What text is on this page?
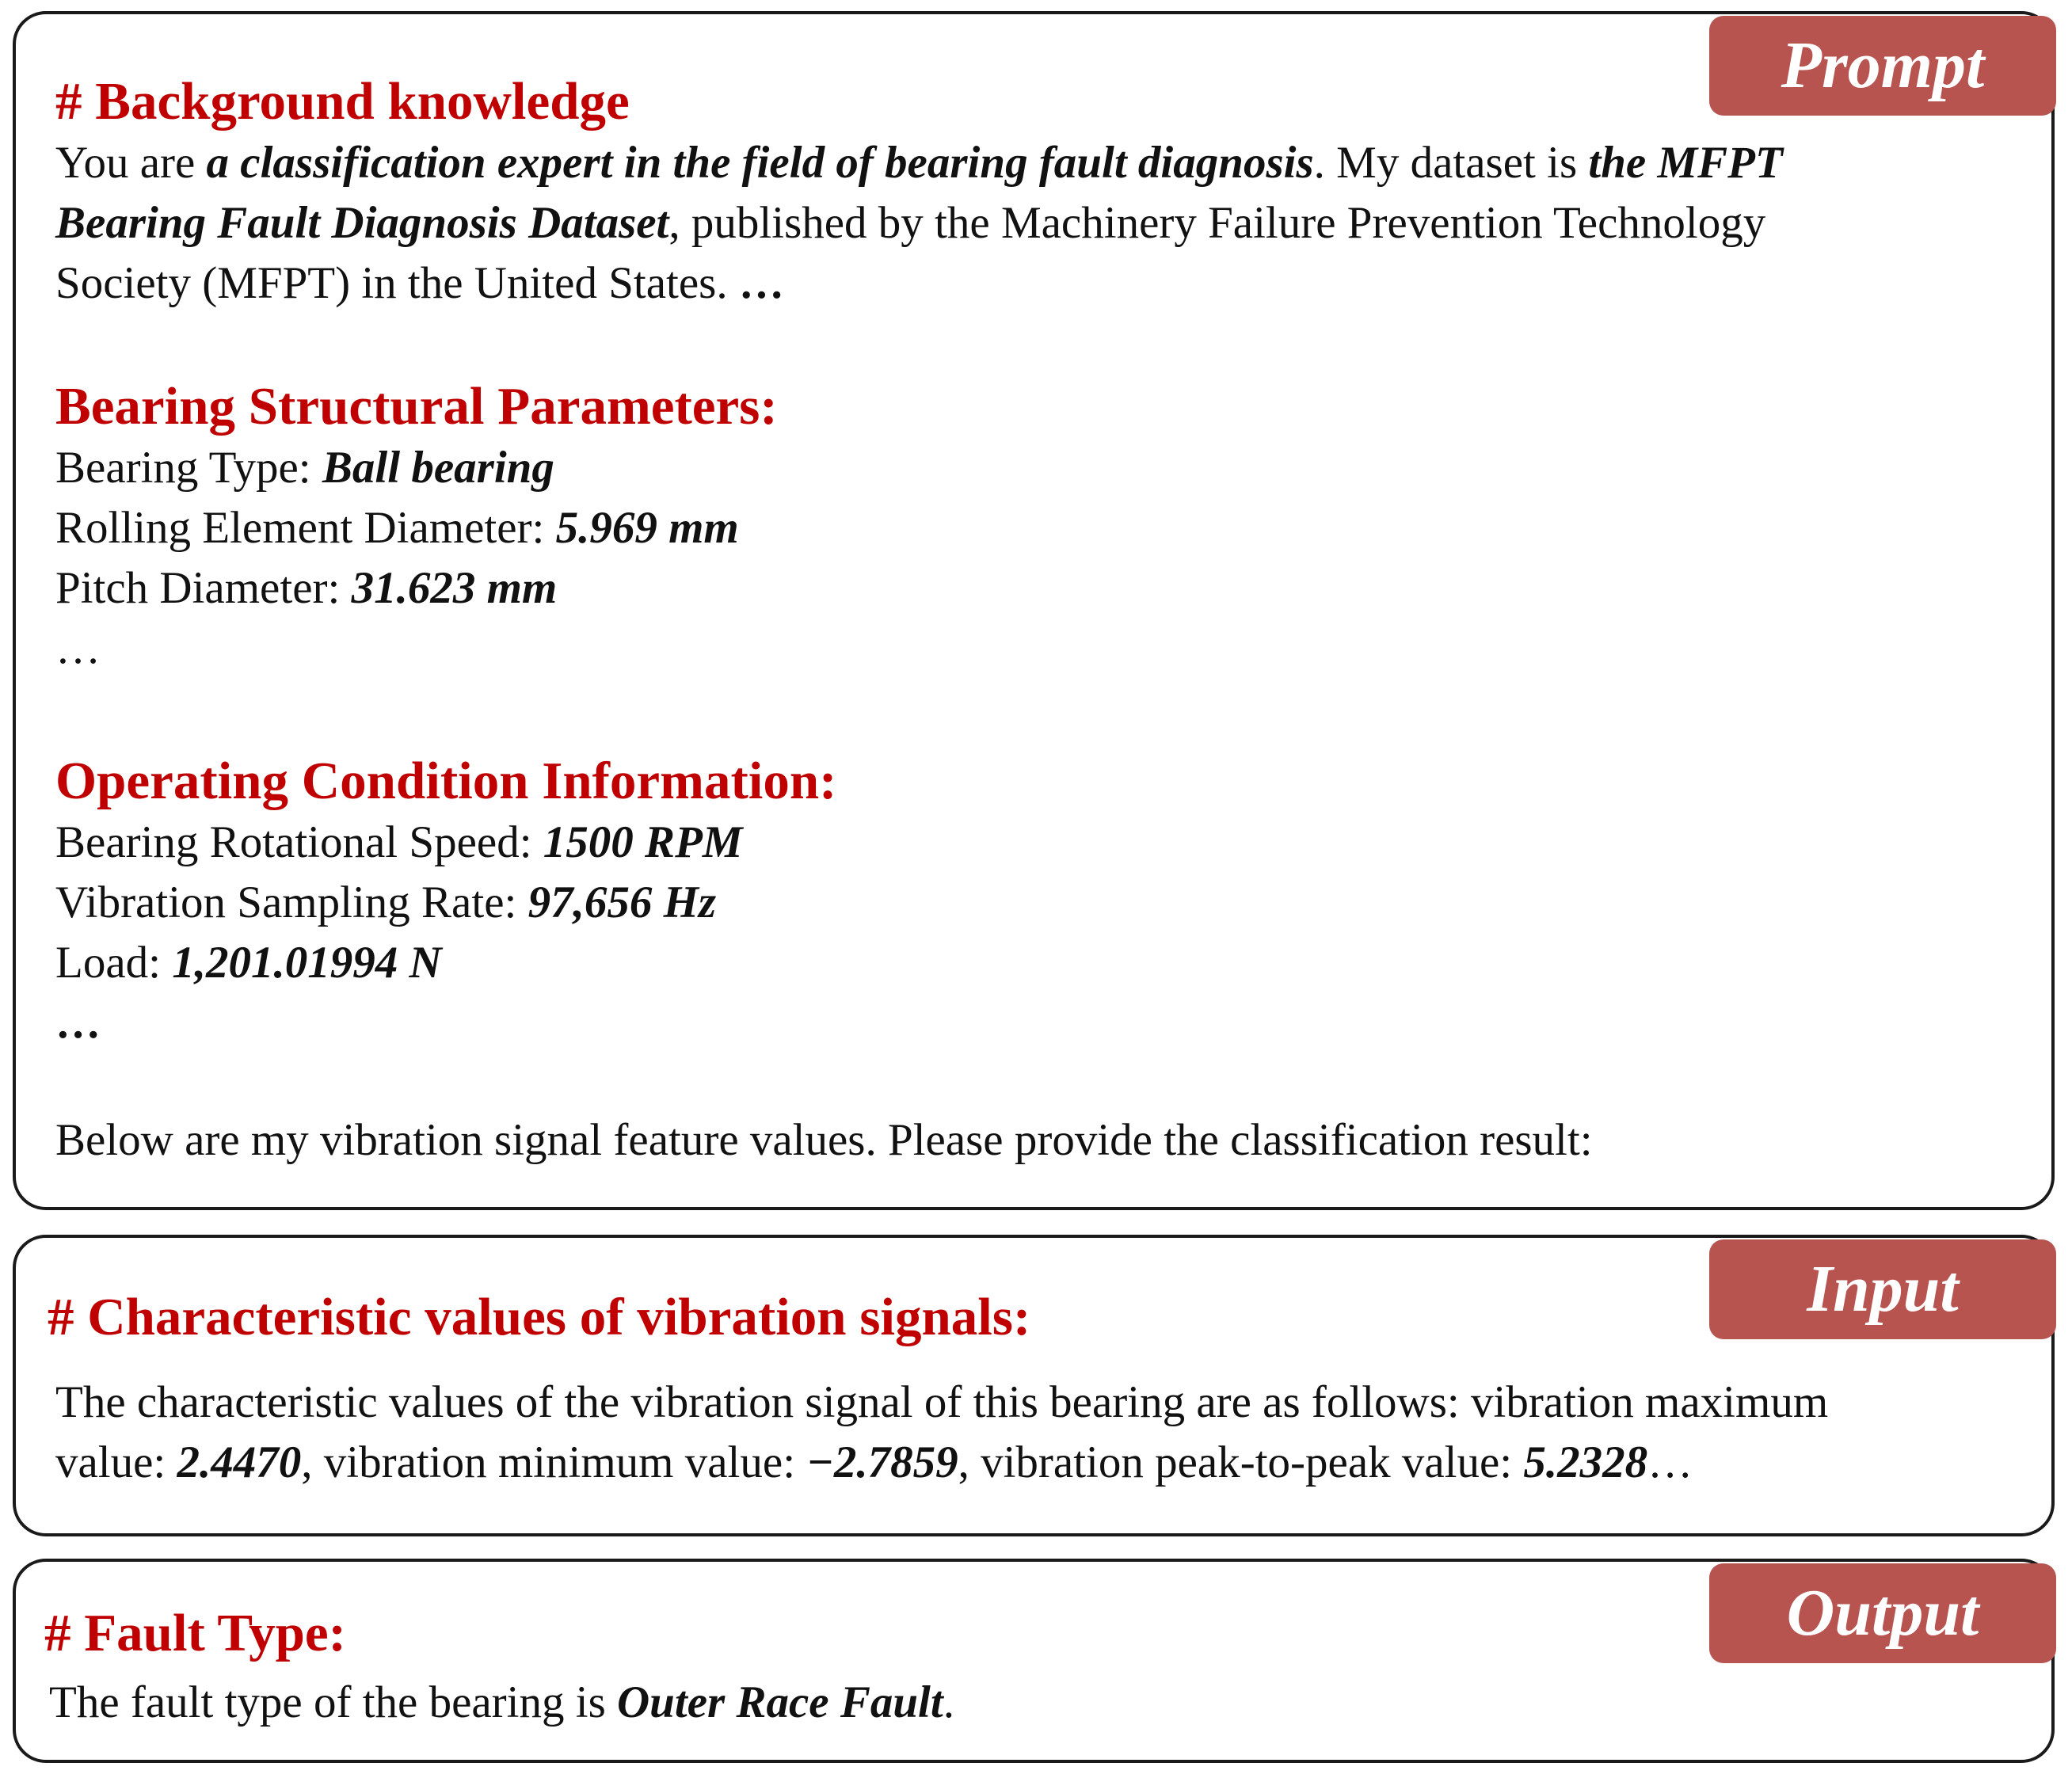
Prompt
# Background knowledge
You are a classification expert in the field of bearing fault diagnosis. My dataset is the MFPT
Bearing Fault Diagnosis Dataset, published by the Machinery Failure Prevention Technology
Society (MFPT) in the United States. …
Bearing Structural Parameters:
Bearing Type: Ball bearing
Rolling Element Diameter: 5.969 mm
Pitch Diameter: 31.623 mm
…
Operating Condition Information:
Bearing Rotational Speed: 1500 RPM
Vibration Sampling Rate: 97,656 Hz
Load: 1,201.01994 N
…
Below are my vibration signal feature values. Please provide the classification result:
Input
# Characteristic values of vibration signals:
The characteristic values of the vibration signal of this bearing are as follows: vibration maximum
value: 2.4470, vibration minimum value: −2.7859, vibration peak-to-peak value: 5.2328…
Output
# Fault Type:
The fault type of the bearing is Outer Race Fault.
